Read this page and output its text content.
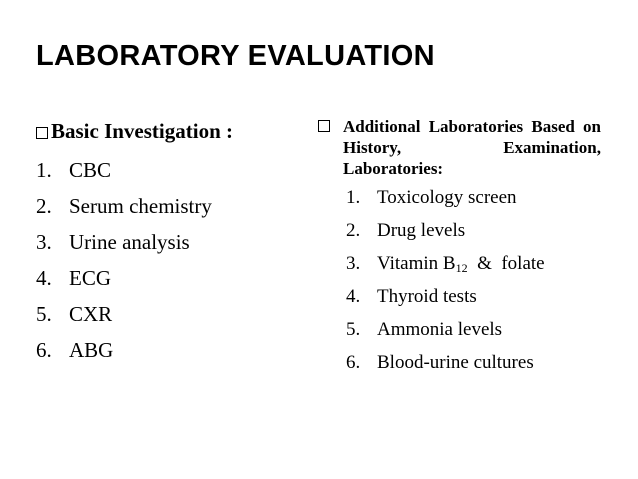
LABORATORY EVALUATION
Basic Investigation :
1. CBC
2. Serum chemistry
3. Urine analysis
4. ECG
5. CXR
6. ABG
Additional Laboratories Based on History, Examination, Laboratories:
1. Toxicology screen
2. Drug levels
3. Vitamin $B_{12}$  &  folate
4. Thyroid tests
5. Ammonia levels
6. Blood-urine cultures
